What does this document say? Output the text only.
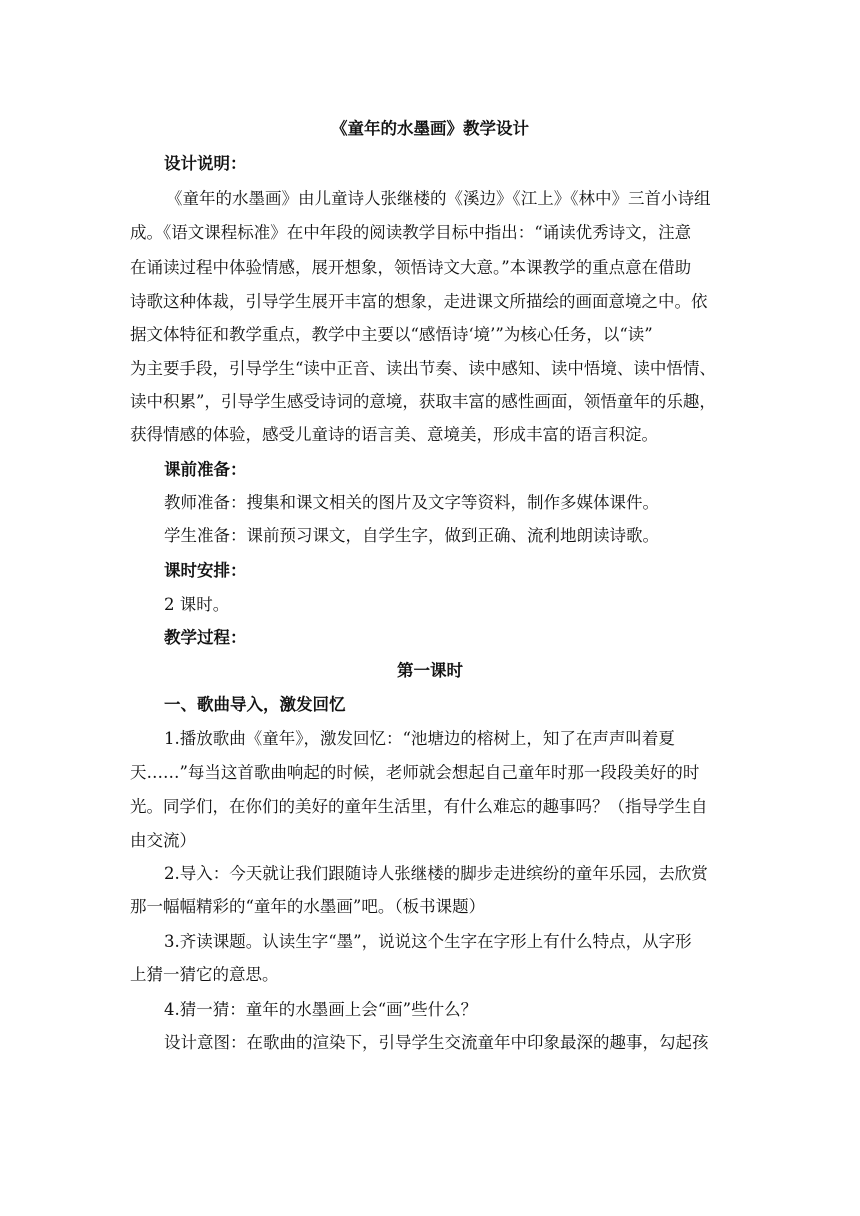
《童年的水墨画》教学设计
设计说明：
《童年的水墨画》由儿童诗人张继楼的《溪边》《江上》《林中》三首小诗组
成。《语文课程标准》在中年段的阅读教学目标中指出：“诵读优秀诗文，注意
在诵读过程中体验情感，展开想象，领悟诗文大意。”本课教学的重点意在借助
诗歌这种体裁，引导学生展开丰富的想象，走进课文所描绘的画面意境之中。依
据文体特征和教学重点，教学中主要以“感悟诗‘境’”为核心任务，以“读”
为主要手段，引导学生“读中正音、读出节奏、读中感知、读中悟境、读中悟情、
读中积累”，引导学生感受诗词的意境，获取丰富的感性画面，领悟童年的乐趣，
获得情感的体验，感受儿童诗的语言美、意境美，形成丰富的语言积淀。
课前准备：
教师准备：搜集和课文相关的图片及文字等资料，制作多媒体课件。
学生准备：课前预习课文，自学生字，做到正确、流利地朗读诗歌。
课时安排：
2 课时。
教学过程：
第一课时
一、歌曲导入，激发回忆
1.播放歌曲《童年》，激发回忆：“池塘边的榕树上，知了在声声叫着夏
天……”每当这首歌曲响起的时候，老师就会想起自己童年时那一段段美好的时
光。同学们，在你们的美好的童年生活里，有什么难忘的趣事吗？（指导学生自
由交流）
2.导入：今天就让我们跟随诗人张继楼的脚步走进缤纷的童年乐园，去欣赏
那一幅幅精彩的“童年的水墨画”吧。（板书课题）
3.齐读课题。认读生字“墨”，说说这个生字在字形上有什么特点，从字形
上猜一猜它的意思。
4.猜一猜：童年的水墨画上会“画”些什么？
设计意图：在歌曲的渲染下，引导学生交流童年中印象最深的趣事，勾起孩
